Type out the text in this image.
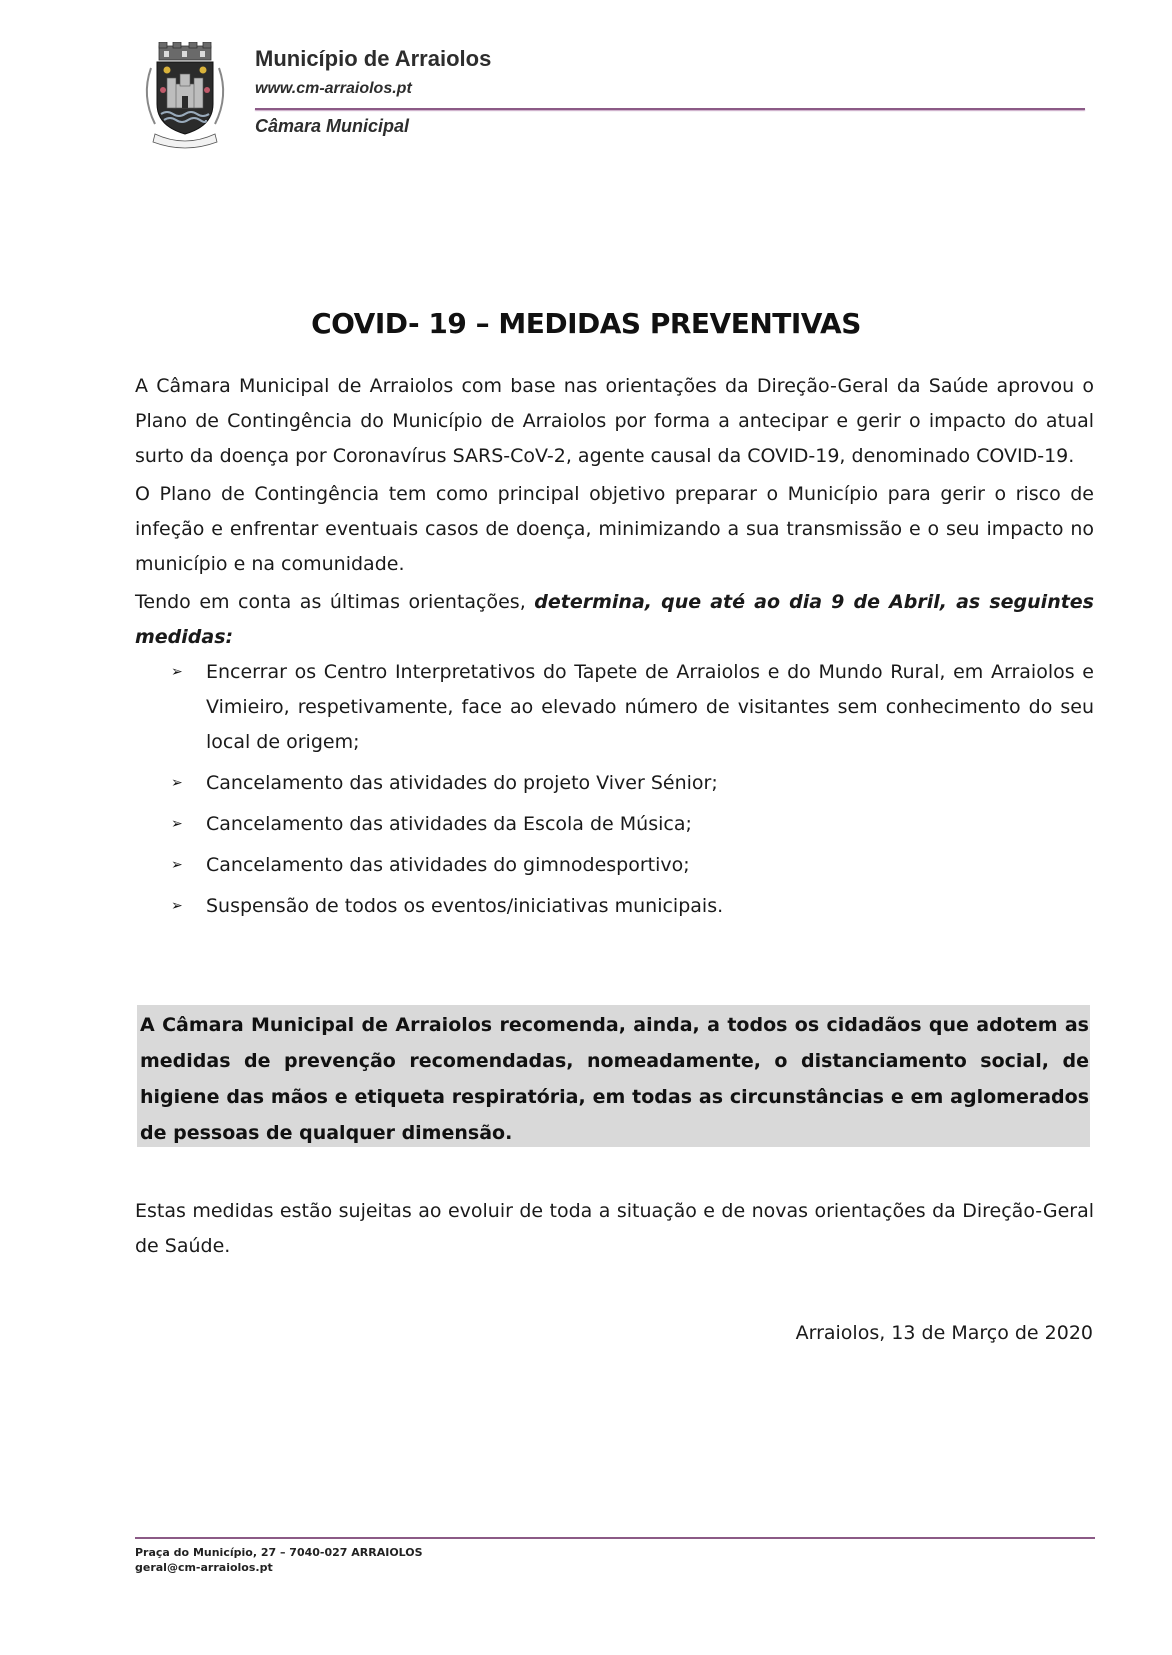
Município de Arraiolos
www.cm-arraiolos.pt
Câmara Municipal
COVID- 19 – MEDIDAS PREVENTIVAS

A Câmara Municipal de Arraiolos com base nas orientações da Direção-Geral da Saúde aprovou o Plano de Contingência do Município de Arraiolos por forma a antecipar e gerir o impacto do atual surto da doença por Coronavírus SARS-CoV-2, agente causal da COVID-19, denominado COVID-19.

O Plano de Contingência tem como principal objetivo preparar o Município para gerir o risco de infeção e enfrentar eventuais casos de doença, minimizando a sua transmissão e o seu impacto no município e na comunidade.

Tendo em conta as últimas orientações, determina, que até ao dia 9 de Abril, as seguintes medidas:

➢ Encerrar os Centro Interpretativos do Tapete de Arraiolos e do Mundo Rural, em Arraiolos e Vimieiro, respetivamente, face ao elevado número de visitantes sem conhecimento do seu local de origem;
➢ Cancelamento das atividades do projeto Viver Sénior;
➢ Cancelamento das atividades da Escola de Música;
➢ Cancelamento das atividades do gimnodesportivo;
➢ Suspensão de todos os eventos/iniciativas municipais.

A Câmara Municipal de Arraiolos recomenda, ainda, a todos os cidadãos que adotem as medidas de prevenção recomendadas, nomeadamente, o distanciamento social, de higiene das mãos e etiqueta respiratória, em todas as circunstâncias e em aglomerados de pessoas de qualquer dimensão.

Estas medidas estão sujeitas ao evoluir de toda a situação e de novas orientações da Direção-Geral de Saúde.

Arraiolos, 13 de Março de 2020
Praça do Município, 27 – 7040-027 ARRAIOLOS
geral@cm-arraiolos.pt
